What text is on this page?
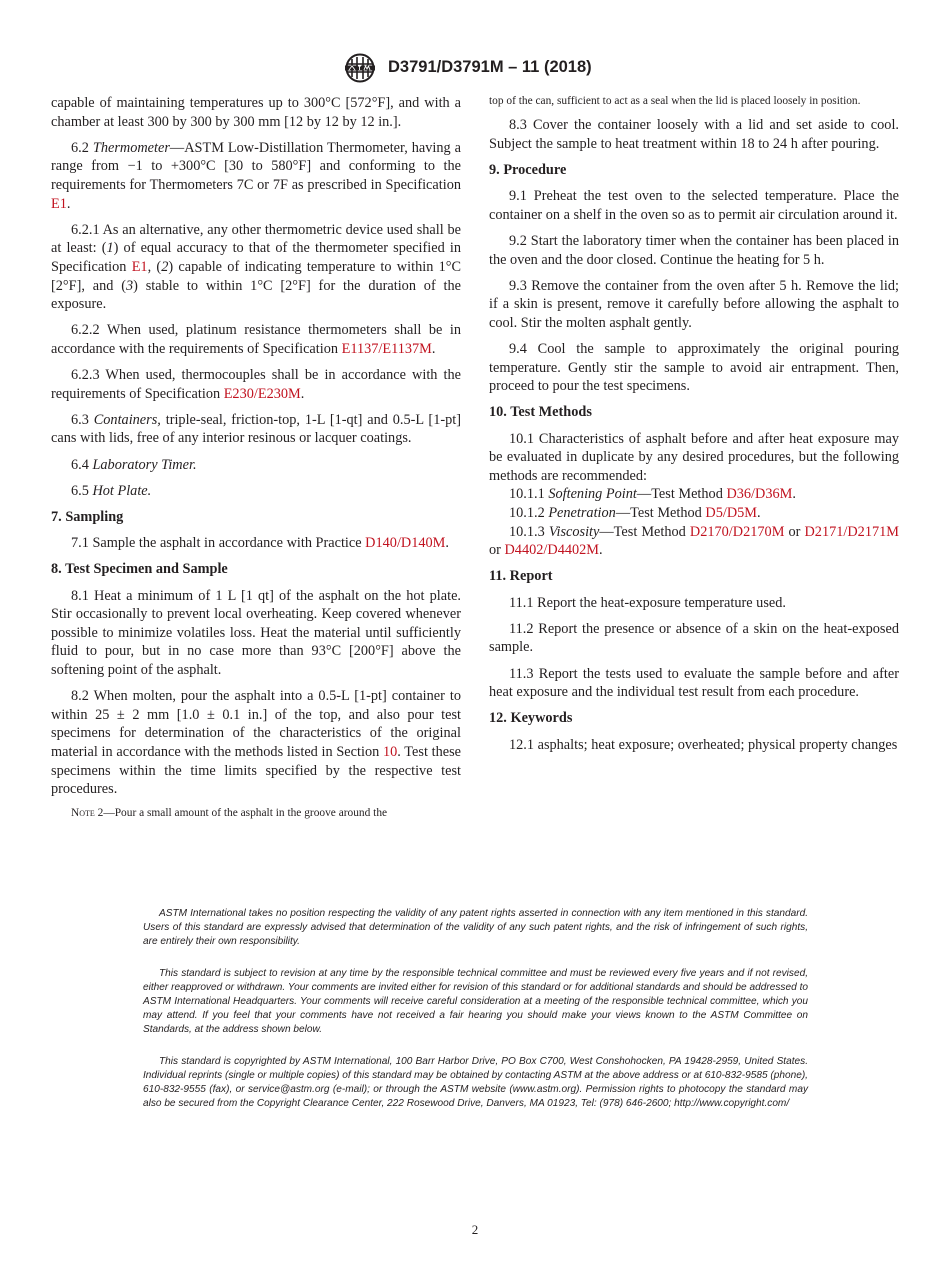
D3791/D3791M – 11 (2018)

capable of maintaining temperatures up to 300°C [572°F], and with a chamber at least 300 by 300 by 300 mm [12 by 12 by 12 in.].

6.2 Thermometer—ASTM Low-Distillation Thermometer, having a range from −1 to +300°C [30 to 580°F] and conforming to the requirements for Thermometers 7C or 7F as prescribed in Specification E1.

6.2.1 As an alternative, any other thermometric device used shall be at least: (1) of equal accuracy to that of the thermometer specified in Specification E1, (2) capable of indicating temperature to within 1°C [2°F], and (3) stable to within 1°C [2°F] for the duration of the exposure.

6.2.2 When used, platinum resistance thermometers shall be in accordance with the requirements of Specification E1137/E1137M.

6.2.3 When used, thermocouples shall be in accordance with the requirements of Specification E230/E230M.

6.3 Containers, triple-seal, friction-top, 1-L [1-qt] and 0.5-L [1-pt] cans with lids, free of any interior resinous or lacquer coatings.

6.4 Laboratory Timer.

6.5 Hot Plate.

7. Sampling

7.1 Sample the asphalt in accordance with Practice D140/D140M.

8. Test Specimen and Sample

8.1 Heat a minimum of 1 L [1 qt] of the asphalt on the hot plate. Stir occasionally to prevent local overheating. Keep covered whenever possible to minimize volatiles loss. Heat the material until sufficiently fluid to pour, but in no case more than 93°C [200°F] above the softening point of the asphalt.

8.2 When molten, pour the asphalt into a 0.5-L [1-pt] container to within 25 ± 2 mm [1.0 ± 0.1 in.] of the top, and also pour test specimens for determination of the characteristics of the original material in accordance with the methods listed in Section 10. Test these specimens within the time limits specified by the respective test procedures.

Note 2—Pour a small amount of the asphalt in the groove around the

top of the can, sufficient to act as a seal when the lid is placed loosely in position.

8.3 Cover the container loosely with a lid and set aside to cool. Subject the sample to heat treatment within 18 to 24 h after pouring.

9. Procedure

9.1 Preheat the test oven to the selected temperature. Place the container on a shelf in the oven so as to permit air circulation around it.

9.2 Start the laboratory timer when the container has been placed in the oven and the door closed. Continue the heating for 5 h.

9.3 Remove the container from the oven after 5 h. Remove the lid; if a skin is present, remove it carefully before allowing the asphalt to cool. Stir the molten asphalt gently.

9.4 Cool the sample to approximately the original pouring temperature. Gently stir the sample to avoid air entrapment. Then, proceed to pour the test specimens.

10. Test Methods

10.1 Characteristics of asphalt before and after heat exposure may be evaluated in duplicate by any desired procedures, but the following methods are recommended:

10.1.1 Softening Point—Test Method D36/D36M.

10.1.2 Penetration—Test Method D5/D5M.

10.1.3 Viscosity—Test Method D2170/D2170M or D2171/D2171M or D4402/D4402M.

11. Report

11.1 Report the heat-exposure temperature used.

11.2 Report the presence or absence of a skin on the heat-exposed sample.

11.3 Report the tests used to evaluate the sample before and after heat exposure and the individual test result from each procedure.

12. Keywords

12.1 asphalts; heat exposure; overheated; physical property changes

ASTM International takes no position respecting the validity of any patent rights asserted in connection with any item mentioned in this standard. Users of this standard are expressly advised that determination of the validity of any such patent rights, and the risk of infringement of such rights, are entirely their own responsibility.

This standard is subject to revision at any time by the responsible technical committee and must be reviewed every five years and if not revised, either reapproved or withdrawn. Your comments are invited either for revision of this standard or for additional standards and should be addressed to ASTM International Headquarters. Your comments will receive careful consideration at a meeting of the responsible technical committee, which you may attend. If you feel that your comments have not received a fair hearing you should make your views known to the ASTM Committee on Standards, at the address shown below.

This standard is copyrighted by ASTM International, 100 Barr Harbor Drive, PO Box C700, West Conshohocken, PA 19428-2959, United States. Individual reprints (single or multiple copies) of this standard may be obtained by contacting ASTM at the above address or at 610-832-9585 (phone), 610-832-9555 (fax), or service@astm.org (e-mail); or through the ASTM website (www.astm.org). Permission rights to photocopy the standard may also be secured from the Copyright Clearance Center, 222 Rosewood Drive, Danvers, MA 01923, Tel: (978) 646-2600; http://www.copyright.com/

2
